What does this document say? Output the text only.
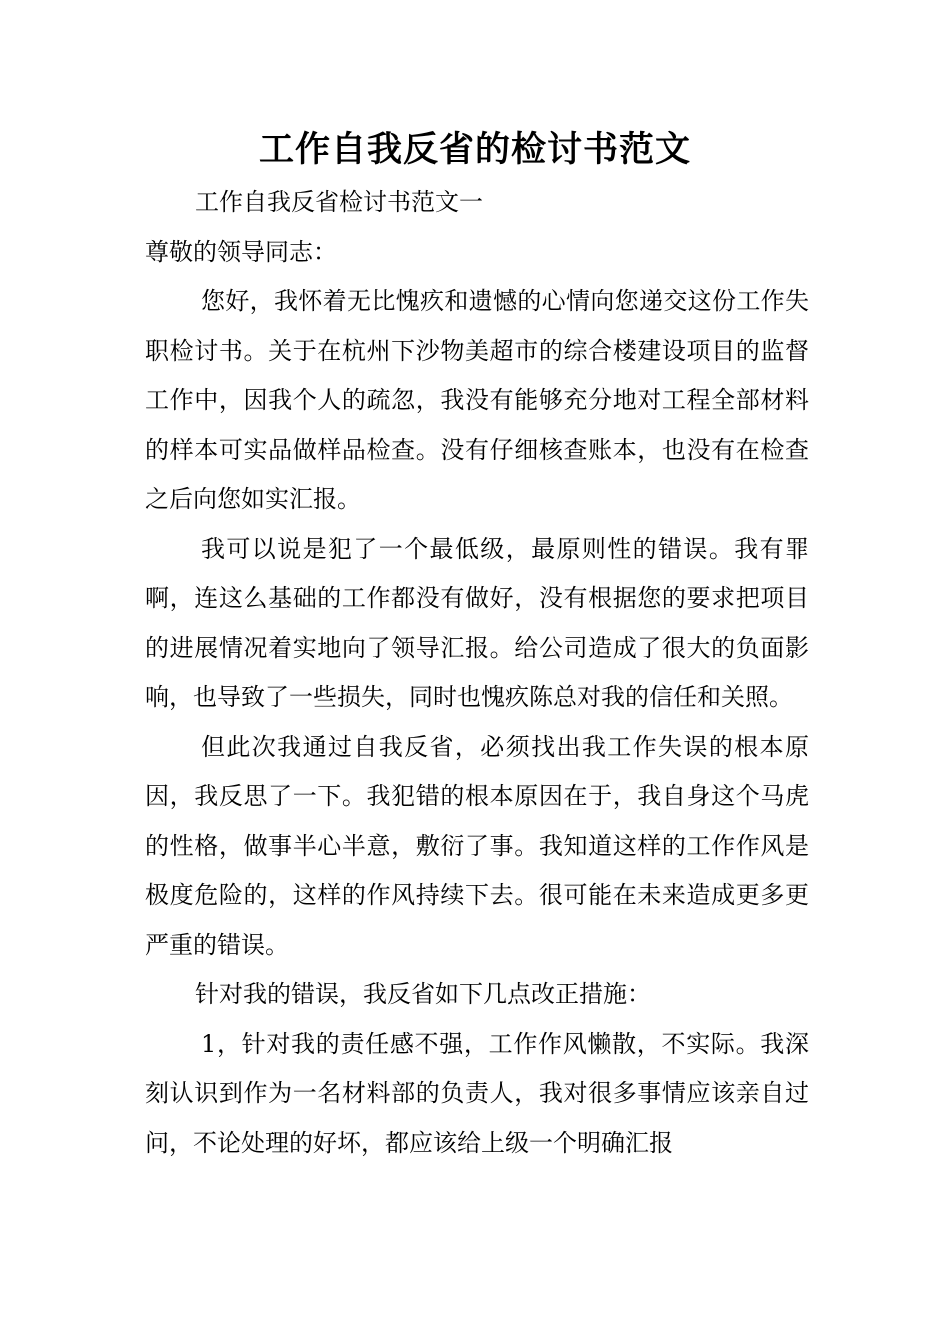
工作自我反省的检讨书范文

工作自我反省检讨书范文一

尊敬的领导同志：

您好，我怀着无比愧疚和遗憾的心情向您递交这份工作失职检讨书。关于在杭州下沙物美超市的综合楼建设项目的监督工作中，因我个人的疏忽，我没有能够充分地对工程全部材料的样本可实品做样品检查。没有仔细核查账本，也没有在检查之后向您如实汇报。

我可以说是犯了一个最低级，最原则性的错误。我有罪啊，连这么基础的工作都没有做好，没有根据您的要求把项目的进展情况着实地向了领导汇报。给公司造成了很大的负面影响，也导致了一些损失，同时也愧疚陈总对我的信任和关照。

但此次我通过自我反省，必须找出我工作失误的根本原因，我反思了一下。我犯错的根本原因在于，我自身这个马虎的性格，做事半心半意，敷衍了事。我知道这样的工作作风是极度危险的，这样的作风持续下去。很可能在未来造成更多更严重的错误。

针对我的错误，我反省如下几点改正措施：

1，针对我的责任感不强，工作作风懒散，不实际。我深刻认识到作为一名材料部的负责人，我对很多事情应该亲自过问，不论处理的好坏，都应该给上级一个明确汇报
